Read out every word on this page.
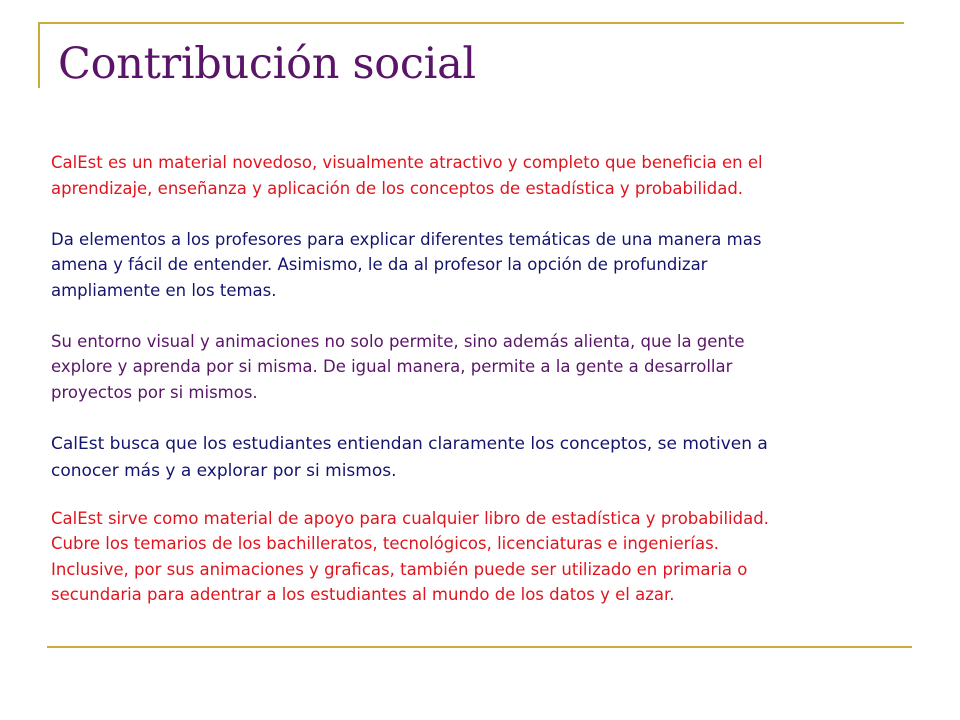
Contribución social

CalEst es un material novedoso, visualmente atractivo y completo que beneficia en el
aprendizaje, enseñanza y aplicación de los conceptos de estadística y probabilidad.

Da elementos a los profesores para explicar diferentes temáticas de una manera mas
amena y fácil de entender. Asimismo, le da al profesor la opción de profundizar
ampliamente en los temas.

Su entorno visual y animaciones no solo permite, sino además alienta, que la gente
explore y aprenda por si misma. De igual manera, permite a la gente a desarrollar
proyectos por si mismos.

CalEst busca que los estudiantes entiendan claramente los conceptos, se motiven a
conocer más y a explorar por si mismos.

CalEst sirve como material de apoyo para cualquier libro de estadística y probabilidad.
Cubre los temarios de los bachilleratos, tecnológicos, licenciaturas e ingenierías.
Inclusive, por sus animaciones y graficas, también puede ser utilizado en primaria o
secundaria para adentrar a los estudiantes al mundo de los datos y el azar.
